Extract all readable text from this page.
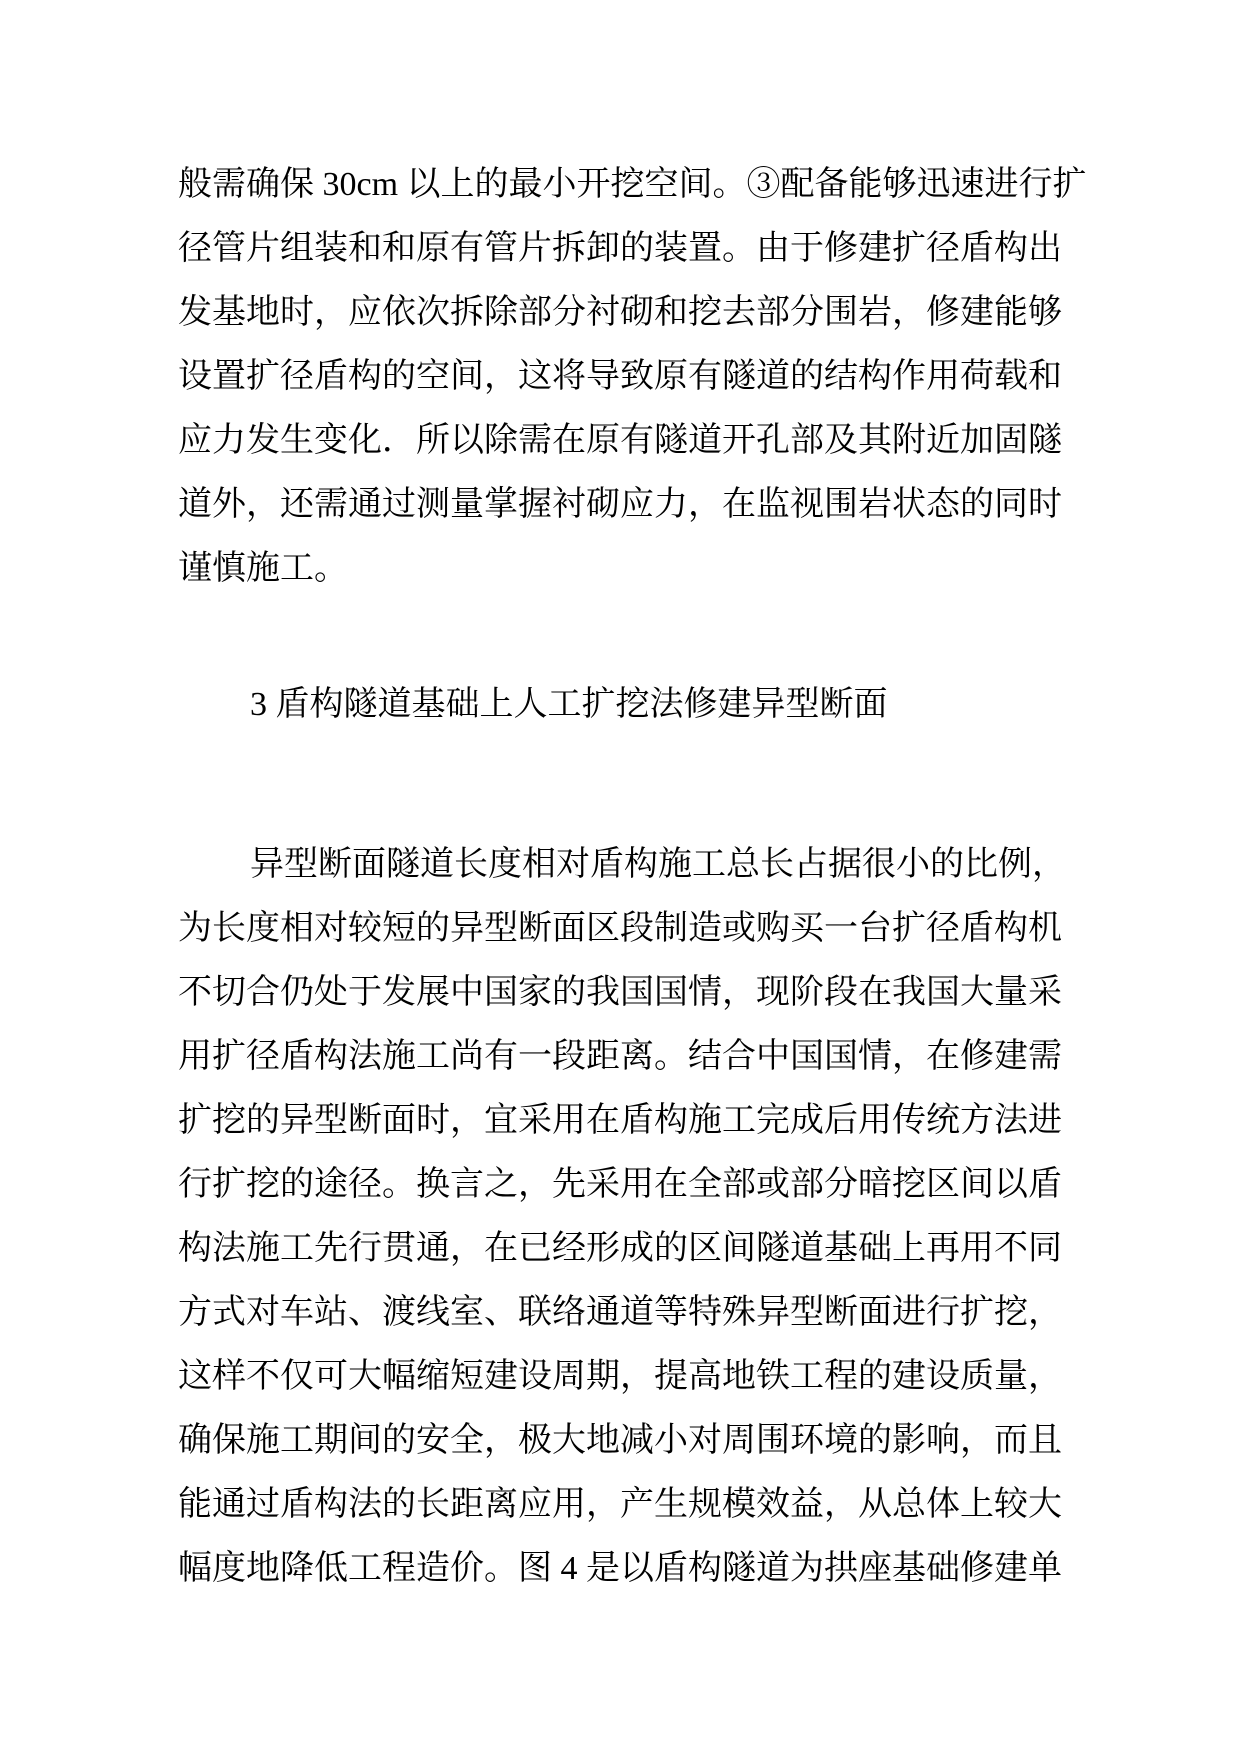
般需确保 30cm 以上的最小开挖空间。③配备能够迅速进行扩
径管片组装和和原有管片拆卸的装置。由于修建扩径盾构出
发基地时，应依次拆除部分衬砌和挖去部分围岩，修建能够
设置扩径盾构的空间，这将导致原有隧道的结构作用荷载和
应力发生变化．所以除需在原有隧道开孔部及其附近加固隧
道外，还需通过测量掌握衬砌应力，在监视围岩状态的同时
谨慎施工。
3 盾构隧道基础上人工扩挖法修建异型断面
异型断面隧道长度相对盾构施工总长占据很小的比例，
为长度相对较短的异型断面区段制造或购买一台扩径盾构机
不切合仍处于发展中国家的我国国情，现阶段在我国大量采
用扩径盾构法施工尚有一段距离。结合中国国情，在修建需
扩挖的异型断面时，宜采用在盾构施工完成后用传统方法进
行扩挖的途径。换言之，先采用在全部或部分暗挖区间以盾
构法施工先行贯通，在已经形成的区间隧道基础上再用不同
方式对车站、渡线室、联络通道等特殊异型断面进行扩挖，
这样不仅可大幅缩短建设周期，提高地铁工程的建设质量，
确保施工期间的安全，极大地减小对周围环境的影响，而且
能通过盾构法的长距离应用，产生规模效益，从总体上较大
幅度地降低工程造价。图 4 是以盾构隧道为拱座基础修建单
